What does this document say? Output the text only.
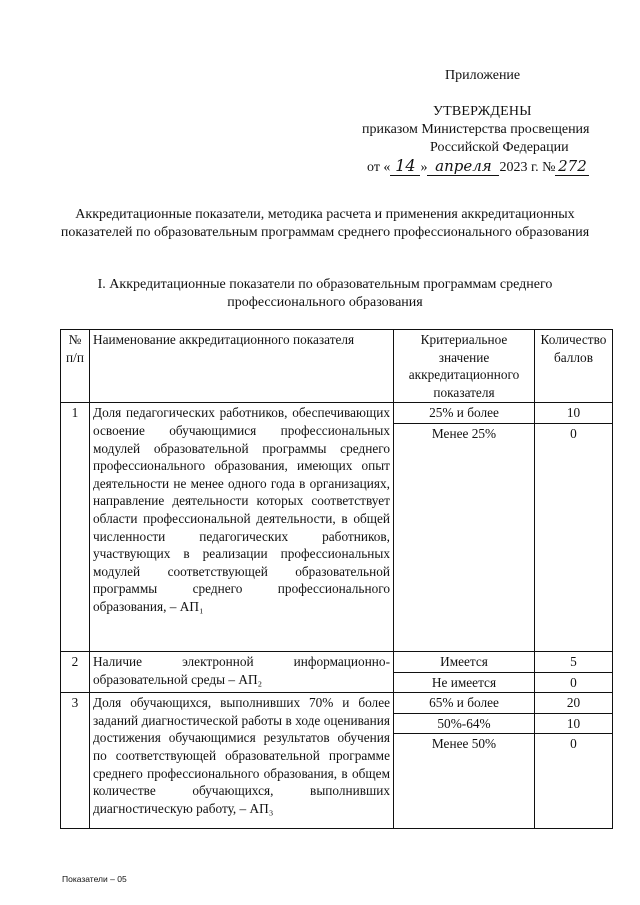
Приложение
УТВЕРЖДЕНЫ
приказом Министерства просвещения
Российской Федерации
от « 14 » апреля 2023 г. № 272
Аккредитационные показатели, методика расчета и применения аккредитационных показателей по образовательным программам среднего профессионального образования
I. Аккредитационные показатели по образовательным программам среднего профессионального образования
№ п/п	Наименование аккредитационного показателя	Критериальное значение аккредитационного показателя	Количество баллов
1	Доля педагогических работников, обеспечивающих освоение обучающимися профессиональных модулей образовательной программы среднего профессионального образования, имеющих опыт деятельности не менее одного года в организациях, направление деятельности которых соответствует области профессиональной деятельности, в общей численности педагогических работников, участвующих в реализации профессиональных модулей соответствующей образовательной программы среднего профессионального образования, – АП₁	25% и более	10
		Менее 25%	0
2	Наличие электронной информационно-образовательной среды – АП₂	Имеется	5
		Не имеется	0
3	Доля обучающихся, выполнивших 70% и более заданий диагностической работы в ходе оценивания достижения обучающимися результатов обучения по соответствующей образовательной программе среднего профессионального образования, в общем количестве обучающихся, выполнивших диагностическую работу, – АП₃	65% и более	20
		50%-64%	10
		Менее 50%	0
Показатели – 05
